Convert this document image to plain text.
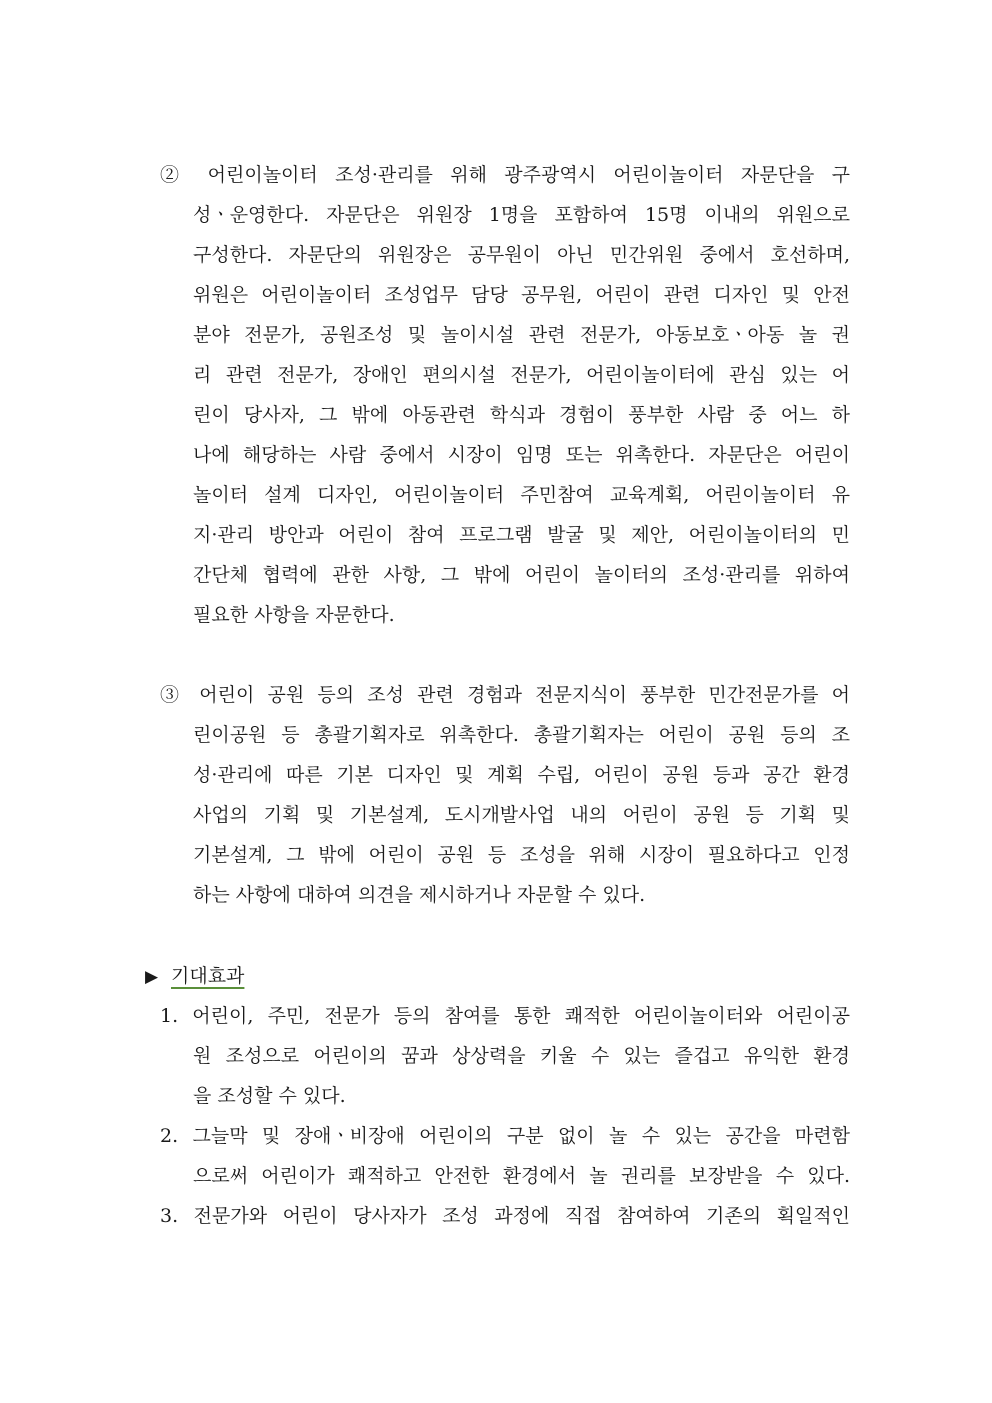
② 어린이놀이터 조성·관리를 위해 광주광역시 어린이놀이터 자문단을 구
성ㆍ운영한다. 자문단은 위원장 1명을 포함하여 15명 이내의 위원으로
구성한다. 자문단의 위원장은 공무원이 아닌 민간위원 중에서 호선하며,
위원은 어린이놀이터 조성업무 담당 공무원, 어린이 관련 디자인 및 안전
분야 전문가, 공원조성 및 놀이시설 관련 전문가, 아동보호ㆍ아동 놀 권
리 관련 전문가, 장애인 편의시설 전문가, 어린이놀이터에 관심 있는 어
린이 당사자, 그 밖에 아동관련 학식과 경험이 풍부한 사람 중 어느 하
나에 해당하는 사람 중에서 시장이 임명 또는 위촉한다. 자문단은 어린이
놀이터 설계 디자인, 어린이놀이터 주민참여 교육계획, 어린이놀이터 유
지·관리 방안과 어린이 참여 프로그램 발굴 및 제안, 어린이놀이터의 민
간단체 협력에 관한 사항, 그 밖에 어린이 놀이터의 조성·관리를 위하여
필요한 사항을 자문한다.
③ 어린이 공원 등의 조성 관련 경험과 전문지식이 풍부한 민간전문가를 어
린이공원 등 총괄기획자로 위촉한다. 총괄기획자는 어린이 공원 등의 조
성·관리에 따른 기본 디자인 및 계획 수립, 어린이 공원 등과 공간 환경
사업의 기획 및 기본설계, 도시개발사업 내의 어린이 공원 등 기획 및
기본설계, 그 밖에 어린이 공원 등 조성을 위해 시장이 필요하다고 인정
하는 사항에 대하여 의견을 제시하거나 자문할 수 있다.
▶ 기대효과
1. 어린이, 주민, 전문가 등의 참여를 통한 쾌적한 어린이놀이터와 어린이공
원 조성으로 어린이의 꿈과 상상력을 키울 수 있는 즐겁고 유익한 환경
을 조성할 수 있다.
2. 그늘막 및 장애ㆍ비장애 어린이의 구분 없이 놀 수 있는 공간을 마련함
으로써 어린이가 쾌적하고 안전한 환경에서 놀 권리를 보장받을 수 있다.
3. 전문가와 어린이 당사자가 조성 과정에 직접 참여하여 기존의 획일적인
